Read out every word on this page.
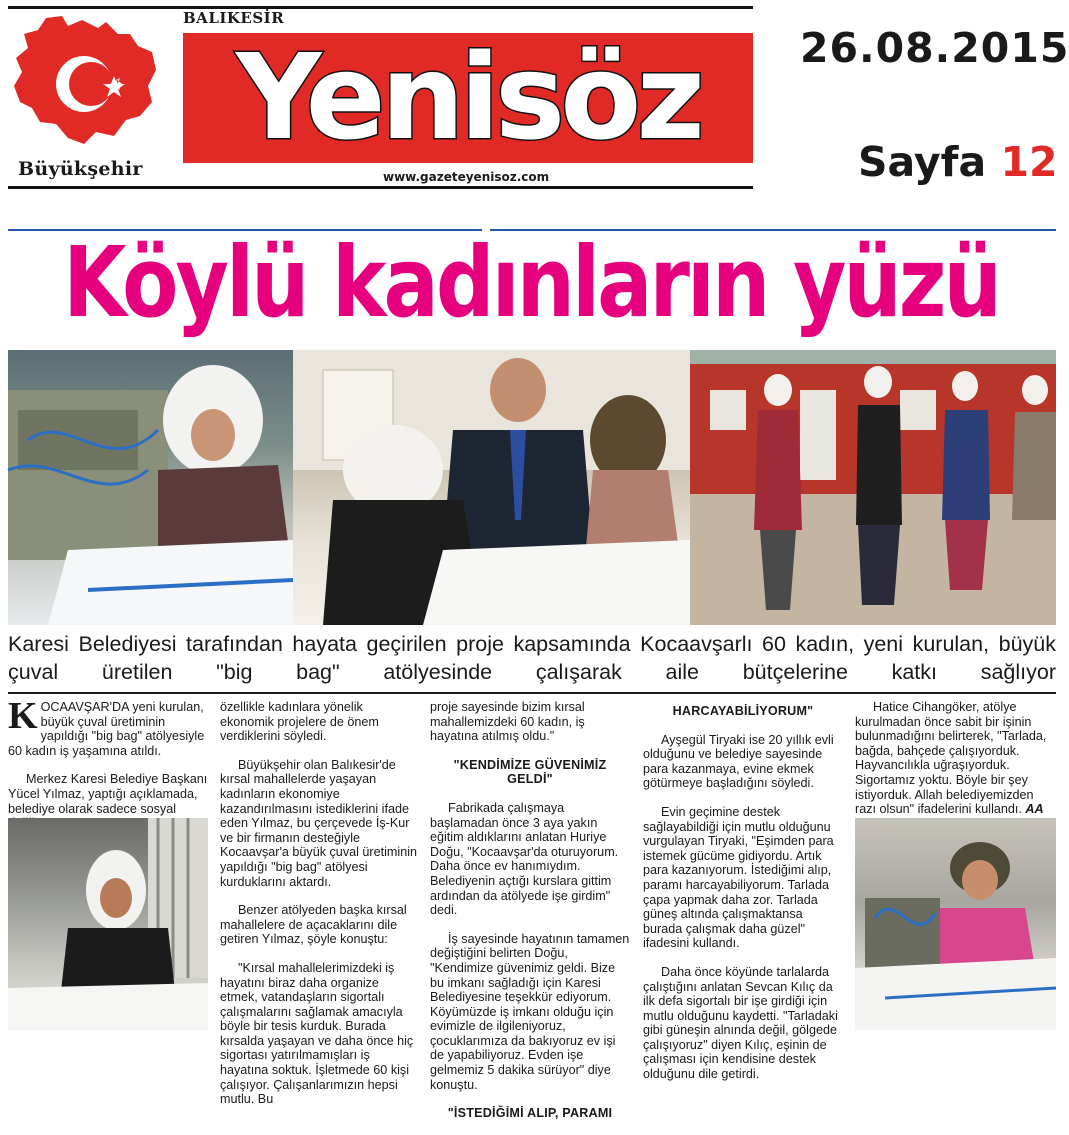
Büyükşehir
BALIKESİR
Yenisöz
www.gazeteyenisoz.com
26.08.2015
Sayfa 12
Köylü kadınların yüzü

Karesi Belediyesi tarafından hayata geçirilen proje kapsamında Kocaavşarlı 60 kadın, yeni kurulan, büyük çuval üretilen "big bag" atölyesinde çalışarak aile bütçelerine katkı sağlıyor

KOCAAVŞAR'DA yeni kurulan, büyük çuval üretiminin yapıldığı "big bag" atölyesiyle 60 kadın iş yaşamına atıldı.

Merkez Karesi Belediye Başkanı Yücel Yılmaz, yaptığı açıklamada, belediye olarak sadece sosyal

özellikle kadınlara yönelik ekonomik projelere de önem verdiklerini söyledi.

Büyükşehir olan Balıkesir'de kırsal mahallelerde yaşayan kadınların ekonomiye kazandırılmasını istediklerini ifade eden Yılmaz, bu çerçevede İş-Kur ve bir firmanın desteğiyle Kocaavşar'a büyük çuval üretiminin yapıldığı "big bag" atölyesi kurduklarını aktardı.

Benzer atölyeden başka kırsal mahallelere de açacaklarını dile getiren Yılmaz, şöyle konuştu:

"Kırsal mahallelerimizdeki iş hayatını biraz daha organize etmek, vatandaşların sigortalı çalışmalarını sağlamak amacıyla böyle bir tesis kurduk. Burada kırsalda yaşayan ve daha önce hiç sigortası yatırılmamışları iş hayatına soktuk. İşletmede 60 kişi çalışıyor. Çalışanlarımızın hepsi mutlu. Bu

proje sayesinde bizim kırsal mahallemizdeki 60 kadın, iş hayatına atılmış oldu."

"KENDİMİZE GÜVENİMİZ GELDİ"

Fabrikada çalışmaya başlamadan önce 3 aya yakın eğitim aldıklarını anlatan Huriye Doğu, "Kocaavşar'da oturuyorum. Daha önce ev hanımıydım. Belediyenin açtığı kurslara gittim ardından da atölyede işe girdim" dedi.

İş sayesinde hayatının tamamen değiştiğini belirten Doğu, "Kendimize güvenimiz geldi. Bize bu imkanı sağladığı için Karesi Belediyesine teşekkür ediyorum. Köyümüzde iş imkanı olduğu için evimizle de ilgileniyoruz, çocuklarımıza da bakıyoruz ev işi de yapabiliyoruz. Evden işe gelmemiz 5 dakika sürüyor" diye konuştu.

"İSTEDİĞİMİ ALIP, PARAMI

HARCAYABİLİYORUM"

Ayşegül Tiryaki ise 20 yıllık evli olduğunu ve belediye sayesinde para kazanmaya, evine ekmek götürmeye başladığını söyledi.

Evin geçimine destek sağlayabildiği için mutlu olduğunu vurgulayan Tiryaki, "Eşimden para istemek gücüme gidiyordu. Artık para kazanıyorum. İstediğimi alıp, paramı harcayabiliyorum. Tarlada çapa yapmak daha zor. Tarlada güneş altında çalışmaktansa burada çalışmak daha güzel" ifadesini kullandı.

Daha önce köyünde tarlalarda çalıştığını anlatan Sevcan Kılıç da ilk defa sigortalı bir işe girdiği için mutlu olduğunu kaydetti. "Tarladaki gibi güneşin alnında değil, gölgede çalışıyoruz" diyen Kılıç, eşinin de çalışması için kendisine destek olduğunu dile getirdi.

Hatice Cihangöker, atölye kurulmadan önce sabit bir işinin bulunmadığını belirterek, "Tarlada, bağda, bahçede çalışıyorduk. Hayvancılıkla uğraşıyorduk. Sigortamız yoktu. Böyle bir şey istiyorduk. Allah belediyemizden razı olsun" ifadelerini kullandı. AA
